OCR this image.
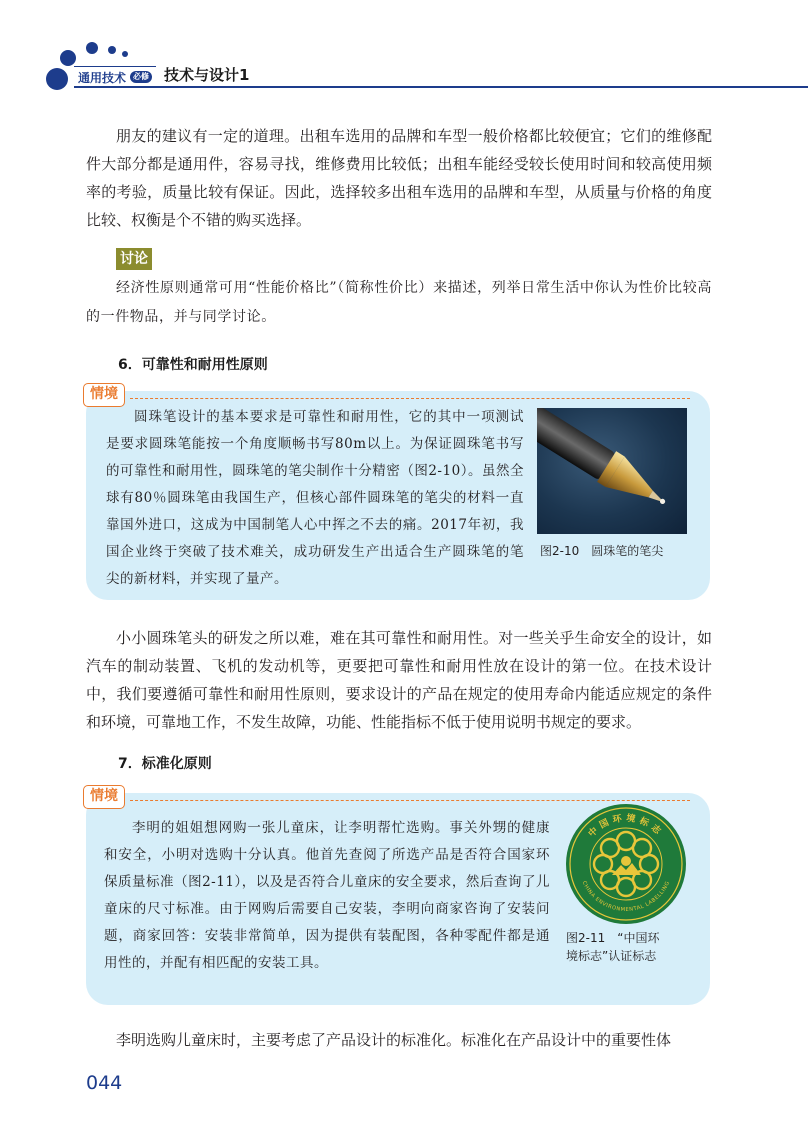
通用技术 必修 技术与设计1

朋友的建议有一定的道理。出租车选用的品牌和车型一般价格都比较便宜；它们的维修配件大部分都是通用件，容易寻找，维修费用比较低；出租车能经受较长使用时间和较高使用频率的考验，质量比较有保证。因此，选择较多出租车选用的品牌和车型，从质量与价格的角度比较、权衡是个不错的购买选择。

讨论

经济性原则通常可用“性能价格比”（简称性价比）来描述，列举日常生活中你认为性价比较高的一件物品，并与同学讨论。

6．可靠性和耐用性原则
情境

圆珠笔设计的基本要求是可靠性和耐用性，它的其中一项测试是要求圆珠笔能按一个角度顺畅书写80m以上。为保证圆珠笔书写的可靠性和耐用性，圆珠笔的笔尖制作十分精密（图2-10）。虽然全球有80％圆珠笔由我国生产，但核心部件圆珠笔的笔尖的材料一直靠国外进口，这成为中国制笔人心中挥之不去的痛。2017年初，我国企业终于突破了技术难关，成功研发生产出适合生产圆珠笔的笔尖的新材料，并实现了量产。

图2-10　圆珠笔的笔尖

小小圆珠笔头的研发之所以难，难在其可靠性和耐用性。对一些关乎生命安全的设计，如汽车的制动装置、飞机的发动机等，更要把可靠性和耐用性放在设计的第一位。在技术设计中，我们要遵循可靠性和耐用性原则，要求设计的产品在规定的使用寿命内能适应规定的条件和环境，可靠地工作，不发生故障，功能、性能指标不低于使用说明书规定的要求。

7．标准化原则
情境

李明的姐姐想网购一张儿童床，让李明帮忙选购。事关外甥的健康和安全，小明对选购十分认真。他首先查阅了所选产品是否符合国家环保质量标准（图2-11），以及是否符合儿童床的安全要求，然后查询了儿童床的尺寸标准。由于网购后需要自己安装，李明向商家咨询了安装问题，商家回答：安装非常简单，因为提供有装配图，各种零配件都是通用性的，并配有相匹配的安装工具。

中国环境标志
CHINA ENVIRONMENTAL LABELLING
图2-11　“中国环
境标志”认证标志

李明选购儿童床时，主要考虑了产品设计的标准化。标准化在产品设计中的重要性体

044
